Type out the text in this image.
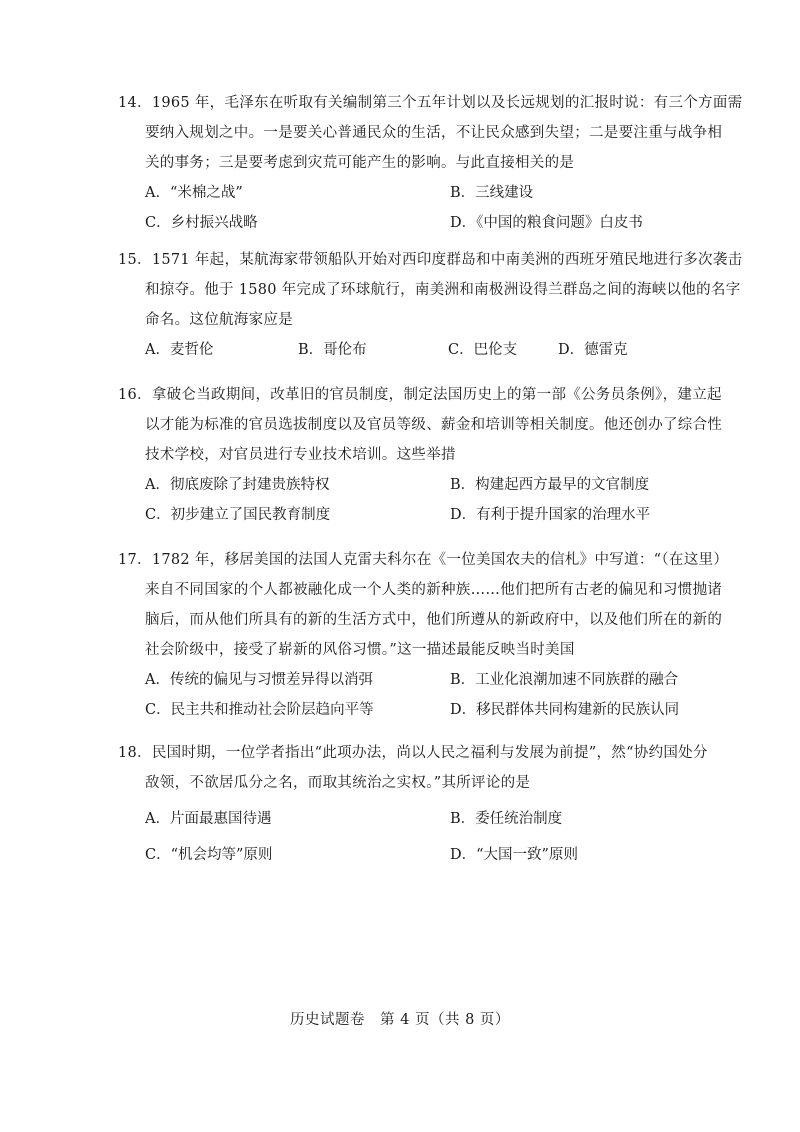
14．1965 年，毛泽东在听取有关编制第三个五年计划以及长远规划的汇报时说：有三个方面需
要纳入规划之中。一是要关心普通民众的生活，不让民众感到失望；二是要注重与战争相
关的事务；三是要考虑到灾荒可能产生的影响。与此直接相关的是
A．“米棉之战”	B．三线建设
C．乡村振兴战略	D．《中国的粮食问题》白皮书
15．1571 年起，某航海家带领船队开始对西印度群岛和中南美洲的西班牙殖民地进行多次袭击
和掠夺。他于 1580 年完成了环球航行，南美洲和南极洲设得兰群岛之间的海峡以他的名字
命名。这位航海家应是
A．麦哲伦	B．哥伦布	C．巴伦支	D．德雷克
16．拿破仑当政期间，改革旧的官员制度，制定法国历史上的第一部《公务员条例》，建立起
以才能为标准的官员选拔制度以及官员等级、薪金和培训等相关制度。他还创办了综合性
技术学校，对官员进行专业技术培训。这些举措
A．彻底废除了封建贵族特权	B．构建起西方最早的文官制度
C．初步建立了国民教育制度	D．有利于提升国家的治理水平
17．1782 年，移居美国的法国人克雷夫科尔在《一位美国农夫的信札》中写道：“（在这里）
来自不同国家的个人都被融化成一个人类的新种族……他们把所有古老的偏见和习惯抛诸
脑后，而从他们所具有的新的生活方式中，他们所遵从的新政府中，以及他们所在的新的
社会阶级中，接受了崭新的风俗习惯。”这一描述最能反映当时美国
A．传统的偏见与习惯差异得以消弭	B．工业化浪潮加速不同族群的融合
C．民主共和推动社会阶层趋向平等	D．移民群体共同构建新的民族认同
18．民国时期，一位学者指出“此项办法，尚以人民之福利与发展为前提”，然“协约国处分
敌领，不欲居瓜分之名，而取其统治之实权。”其所评论的是
A．片面最惠国待遇	B．委任统治制度
C．“机会均等”原则	D．“大国一致”原则
历史试题卷　第 4 页（共 8 页）
